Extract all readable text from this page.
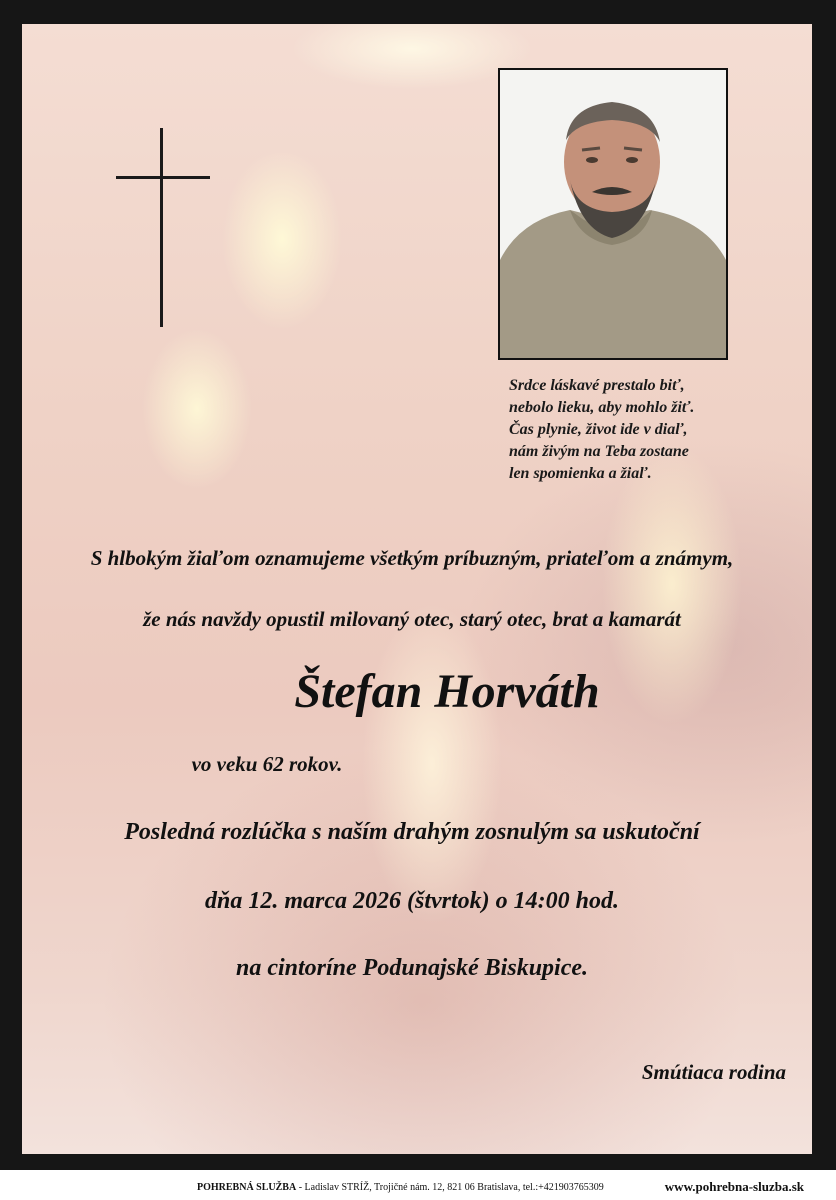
Srdce láskavé prestalo biť,
nebolo lieku, aby mohlo žiť.
Čas plynie, život ide v diaľ,
nám živým na Teba zostane
len spomienka a žiaľ.
S hlbokým žiaľom oznamujeme všetkým príbuzným, priateľom a známym,
že nás navždy opustil milovaný otec, starý otec, brat a kamarát
Štefan Horváth
vo veku 62 rokov.
Posledná rozlúčka s naším drahým zosnulým sa uskutoční
dňa 12. marca 2026 (štvrtok) o 14:00 hod.
na cintoríne Podunajské Biskupice.
Smútiaca rodina
POHREBNÁ SLUŽBA - Ladislav STRÍŽ, Trojičné nám. 12, 821 06 Bratislava, tel.:+421903765309	www.pohrebna-sluzba.sk
